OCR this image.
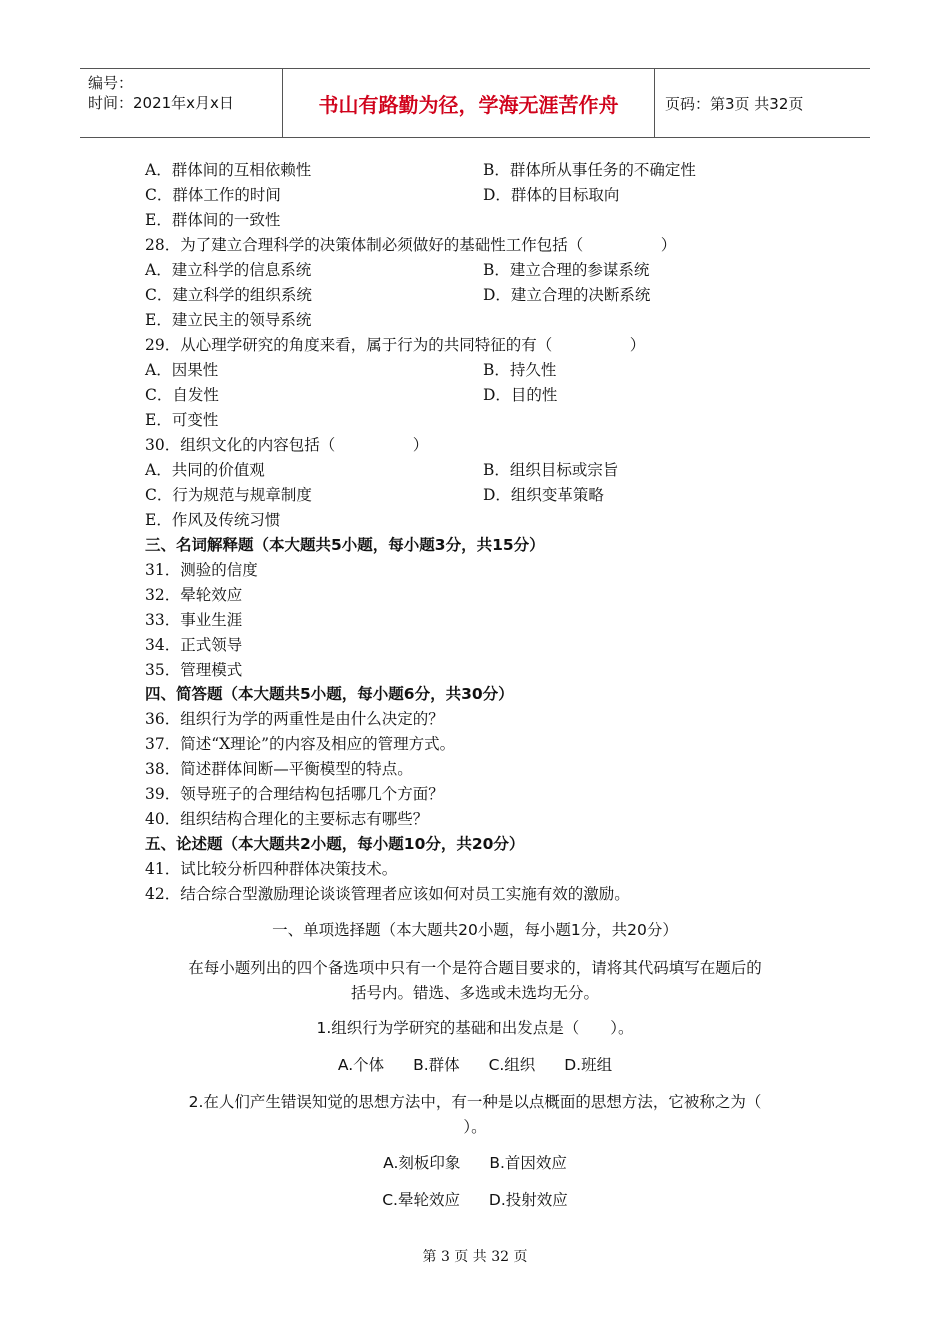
编号：
时间：2021年x月x日	书山有路勤为径，学海无涯苦作舟	页码：第3页 共32页
A．群体间的互相依赖性	B．群体所从事任务的不确定性
C．群体工作的时间	D．群体的目标取向
E．群体间的一致性
28．为了建立合理科学的决策体制必须做好的基础性工作包括（　　　　　）
A．建立科学的信息系统	B．建立合理的参谋系统
C．建立科学的组织系统	D．建立合理的决断系统
E．建立民主的领导系统
29．从心理学研究的角度来看，属于行为的共同特征的有（　　　　　）
A．因果性	B．持久性
C．自发性	D．目的性
E．可变性
30．组织文化的内容包括（　　　　　）
A．共同的价值观	B．组织目标或宗旨
C．行为规范与规章制度	D．组织变革策略
E．作风及传统习惯
三、名词解释题（本大题共5小题，每小题3分，共15分）
31．测验的信度
32．晕轮效应
33．事业生涯
34．正式领导
35．管理模式
四、简答题（本大题共5小题，每小题6分，共30分）
36．组织行为学的两重性是由什么决定的？
37．简述“X理论”的内容及相应的管理方式。
38．简述群体间断—平衡模型的特点。
39．领导班子的合理结构包括哪几个方面？
40．组织结构合理化的主要标志有哪些？
五、论述题（本大题共2小题，每小题10分，共20分）
41．试比较分析四种群体决策技术。
42．结合综合型激励理论谈谈管理者应该如何对员工实施有效的激励。
一、单项选择题（本大题共20小题，每小题1分，共20分）
在每小题列出的四个备选项中只有一个是符合题目要求的，请将其代码填写在题后的
括号内。错选、多选或未选均无分。
1.组织行为学研究的基础和出发点是（　　）。
A.个体 B.群体 C.组织 D.班组
2.在人们产生错误知觉的思想方法中，有一种是以点概面的思想方法，它被称之为（
）。
A.刻板印象 B.首因效应
C.晕轮效应 D.投射效应
第 3 页 共 32 页
